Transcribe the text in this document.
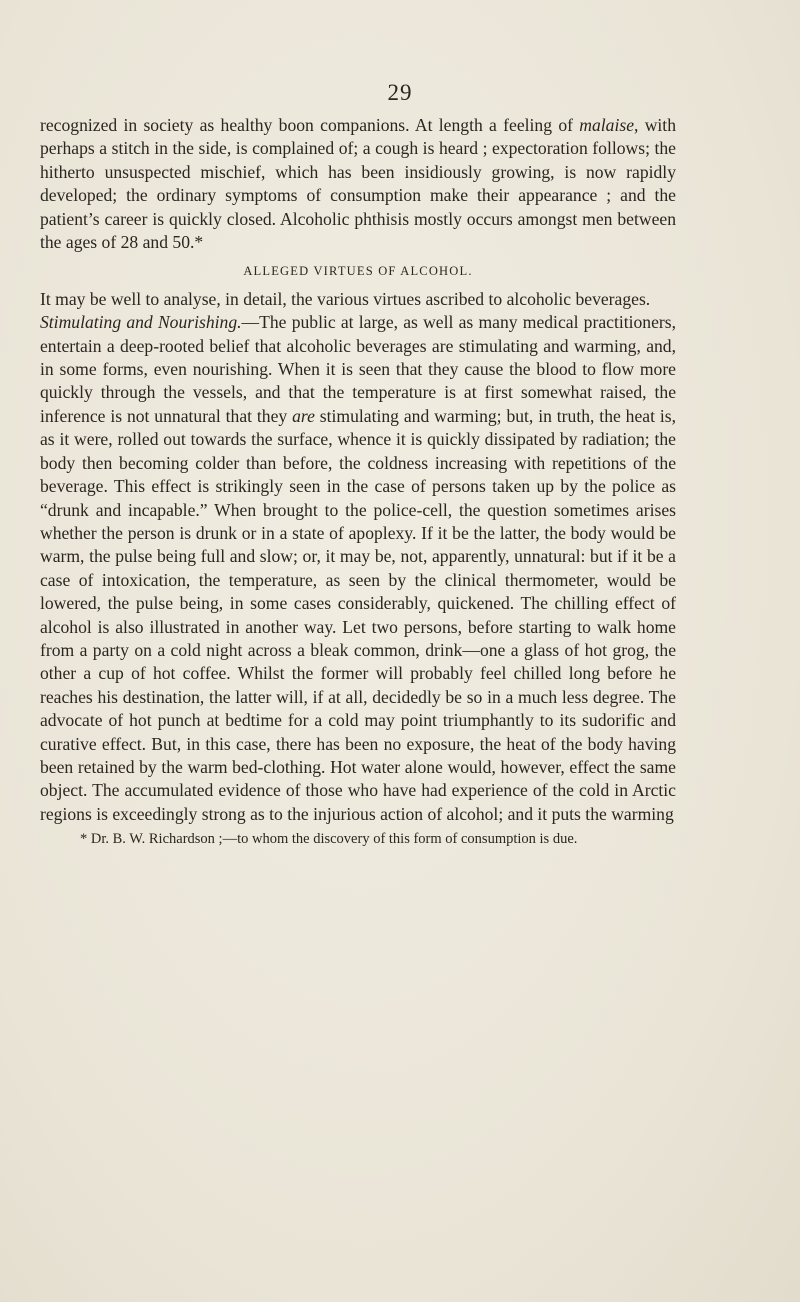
29

recognized in society as healthy boon companions. At length a feeling of malaise, with perhaps a stitch in the side, is complained of; a cough is heard ; expectoration follows; the hitherto unsuspected mischief, which has been insidiously growing, is now rapidly developed; the ordinary symptoms of consumption make their appearance ; and the patient’s career is quickly closed. Alcoholic phthisis mostly occurs amongst men between the ages of 28 and 50.*

ALLEGED VIRTUES OF ALCOHOL.

It may be well to analyse, in detail, the various virtues ascribed to alcoholic beverages.

Stimulating and Nourishing.—The public at large, as well as many medical practitioners, entertain a deep-rooted belief that alcoholic beverages are stimulating and warming, and, in some forms, even nourishing. When it is seen that they cause the blood to flow more quickly through the vessels, and that the temperature is at first somewhat raised, the inference is not unnatural that they are stimulating and warming; but, in truth, the heat is, as it were, rolled out towards the surface, whence it is quickly dissipated by radiation; the body then becoming colder than before, the coldness increasing with repetitions of the beverage. This effect is strikingly seen in the case of persons taken up by the police as “drunk and incapable.” When brought to the police-cell, the question sometimes arises whether the person is drunk or in a state of apoplexy. If it be the latter, the body would be warm, the pulse being full and slow; or, it may be, not, apparently, unnatural: but if it be a case of intoxication, the temperature, as seen by the clinical thermometer, would be lowered, the pulse being, in some cases considerably, quickened. The chilling effect of alcohol is also illustrated in another way. Let two persons, before starting to walk home from a party on a cold night across a bleak common, drink—one a glass of hot grog, the other a cup of hot coffee. Whilst the former will probably feel chilled long before he reaches his destination, the latter will, if at all, decidedly be so in a much less degree. The advocate of hot punch at bedtime for a cold may point triumphantly to its sudorific and curative effect. But, in this case, there has been no exposure, the heat of the body having been retained by the warm bed-clothing. Hot water alone would, however, effect the same object. The accumulated evidence of those who have had experience of the cold in Arctic regions is exceedingly strong as to the injurious action of alcohol; and it puts the warming

* Dr. B. W. Richardson ;—to whom the discovery of this form of consumption is due.
